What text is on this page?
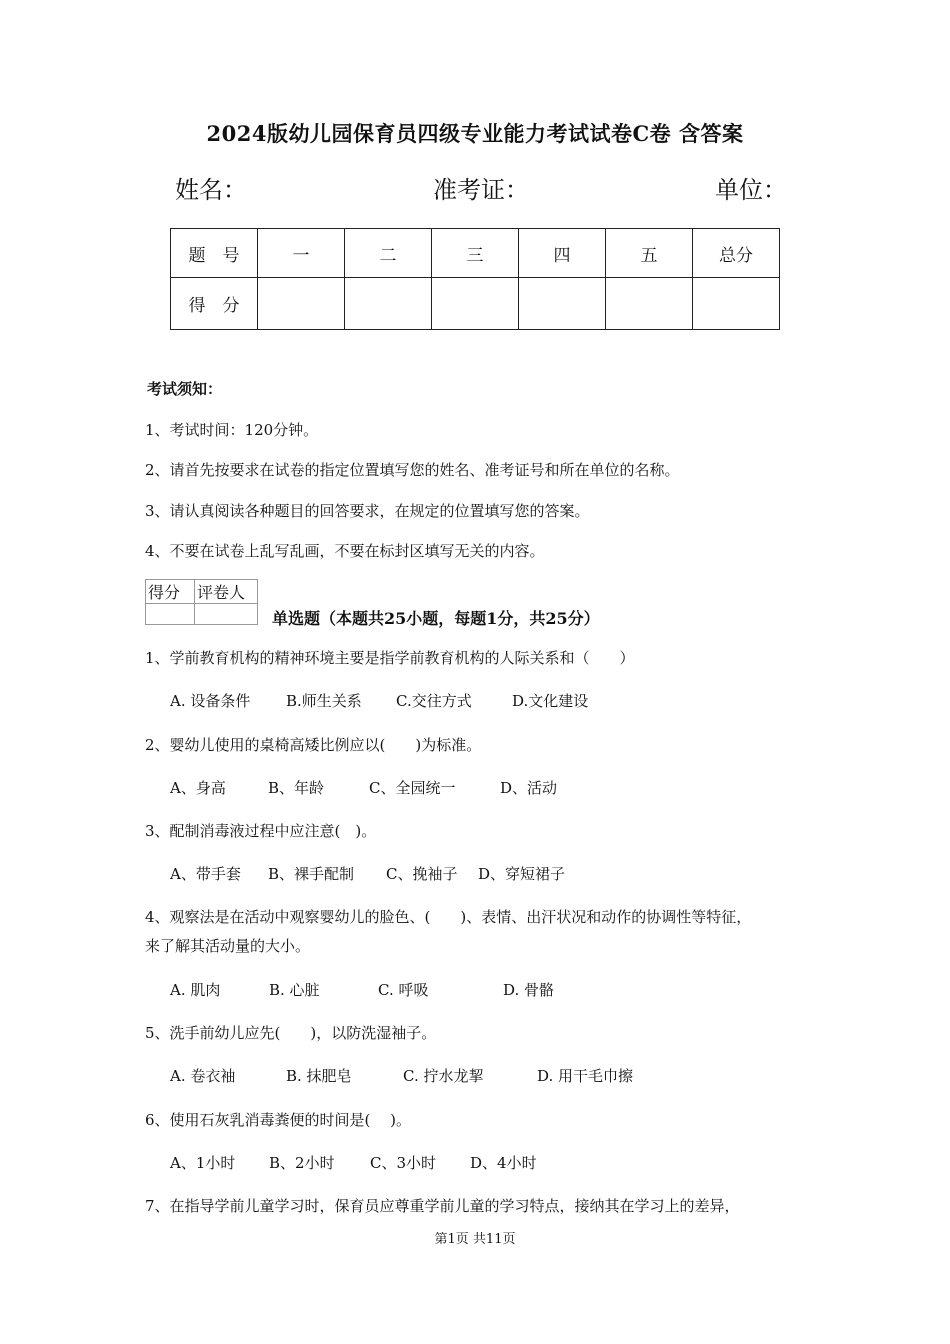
2024版幼儿园保育员四级专业能力考试试卷C卷 含答案
姓名：	准考证：	单位：
题　号	一	二	三	四	五	总分
得　分						
考试须知：
1、考试时间：120分钟。
2、请首先按要求在试卷的指定位置填写您的姓名、准考证号和所在单位的名称。
3、请认真阅读各种题目的回答要求，在规定的位置填写您的答案。
4、不要在试卷上乱写乱画，不要在标封区填写无关的内容。
得分	评卷人

单选题（本题共25小题，每题1分，共25分）
1、学前教育机构的精神环境主要是指学前教育机构的人际关系和（　　）
A. 设备条件 B.师生关系 C.交往方式	D.文化建设
2、婴幼儿使用的桌椅高矮比例应以(　　)为标准。
A、身高	B、年龄	C、全园统一	D、活动
3、配制消毒液过程中应注意(　)。
A、带手套 B、裸手配制 C、挽袖子 D、穿短裙子
4、观察法是在活动中观察婴幼儿的脸色、(　　)、表情、出汗状况和动作的协调性等特征，
来了解其活动量的大小。
A. 肌肉	B. 心脏	C. 呼吸	D. 骨骼
5、洗手前幼儿应先(　　)，以防洗湿袖子。
A. 卷衣袖	B. 抹肥皂	C. 拧水龙挈	D. 用干毛巾擦
6、使用石灰乳消毒粪便的时间是(　 )。
A、1小时 B、2小时 C、3小时 D、4小时
7、在指导学前儿童学习时，保育员应尊重学前儿童的学习特点，接纳其在学习上的差异，
第1页 共11页
